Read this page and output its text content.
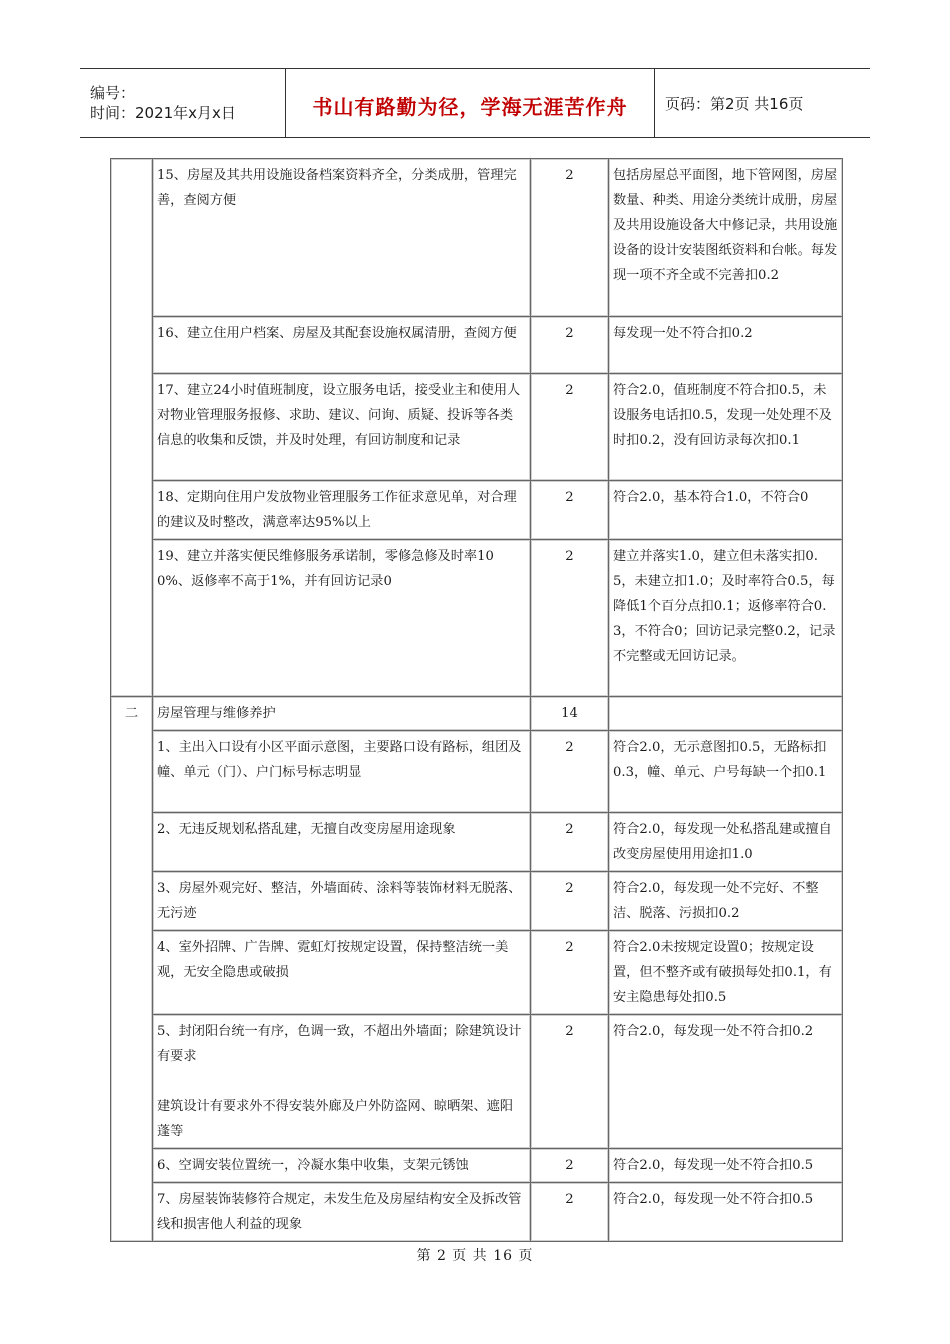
编号：
时间：2021年x月x日	书山有路勤为径，学海无涯苦作舟	页码：第2页 共16页
	15、房屋及其共用设施设备档案资料齐全，分类成册，管理完善，查阅方便	2	包括房屋总平面图，地下管网图，房屋数量、种类、用途分类统计成册，房屋及共用设施设备大中修记录，共用设施设备的设计安装图纸资料和台帐。每发现一项不齐全或不完善扣0.2
	16、建立住用户档案、房屋及其配套设施权属清册，查阅方便	2	每发现一处不符合扣0.2
	17、建立24小时值班制度，设立服务电话，接受业主和使用人对物业管理服务报修、求助、建议、问询、质疑、投诉等各类信息的收集和反馈，并及时处理，有回访制度和记录	2	符合2.0，值班制度不符合扣0.5，未设服务电话扣0.5，发现一处处理不及时扣0.2，没有回访录每次扣0.1
	18、定期向住用户发放物业管理服务工作征求意见单，对合理的建议及时整改，满意率达95%以上	2	符合2.0，基本符合1.0，不符合0
	19、建立并落实便民维修服务承诺制，零修急修及时率100%、返修率不高于1%，并有回访记录0	2	建立并落实1.0，建立但未落实扣0.5，未建立扣1.0；及时率符合0.5，每降低1个百分点扣0.1；返修率符合0.3，不符合0；回访记录完整0.2，记录不完整或无回访记录。
二	房屋管理与维修养护	14	
	1、主出入口设有小区平面示意图，主要路口设有路标，组团及幢、单元（门）、户门标号标志明显	2	符合2.0，无示意图扣0.5，无路标扣0.3，幢、单元、户号每缺一个扣0.1
	2、无违反规划私搭乱建，无擅自改变房屋用途现象	2	符合2.0，每发现一处私搭乱建或擅自改变房屋使用用途扣1.0
	3、房屋外观完好、整洁，外墙面砖、涂料等装饰材料无脱落、无污迹	2	符合2.0，每发现一处不完好、不整洁、脱落、污损扣0.2
	4、室外招牌、广告牌、霓虹灯按规定设置，保持整洁统一美观，无安全隐患或破损	2	符合2.0未按规定设置0；按规定设置，但不整齐或有破损每处扣0.1，有安主隐患每处扣0.5

	5、封闭阳台统一有序，色调一致，不超出外墙面；除建筑设计有要求
建筑设计有要求外不得安装外廊及户外防盗网、晾晒架、遮阳蓬等	2	符合2.0，每发现一处不符合扣0.2
	6、空调安装位置统一，冷凝水集中收集，支架元锈蚀	2	符合2.0，每发现一处不符合扣0.5
	7、房屋装饰装修符合规定，未发生危及房屋结构安全及拆改管线和损害他人利益的现象	2	符合2.0，每发现一处不符合扣0.5
第 2 页 共 16 页
